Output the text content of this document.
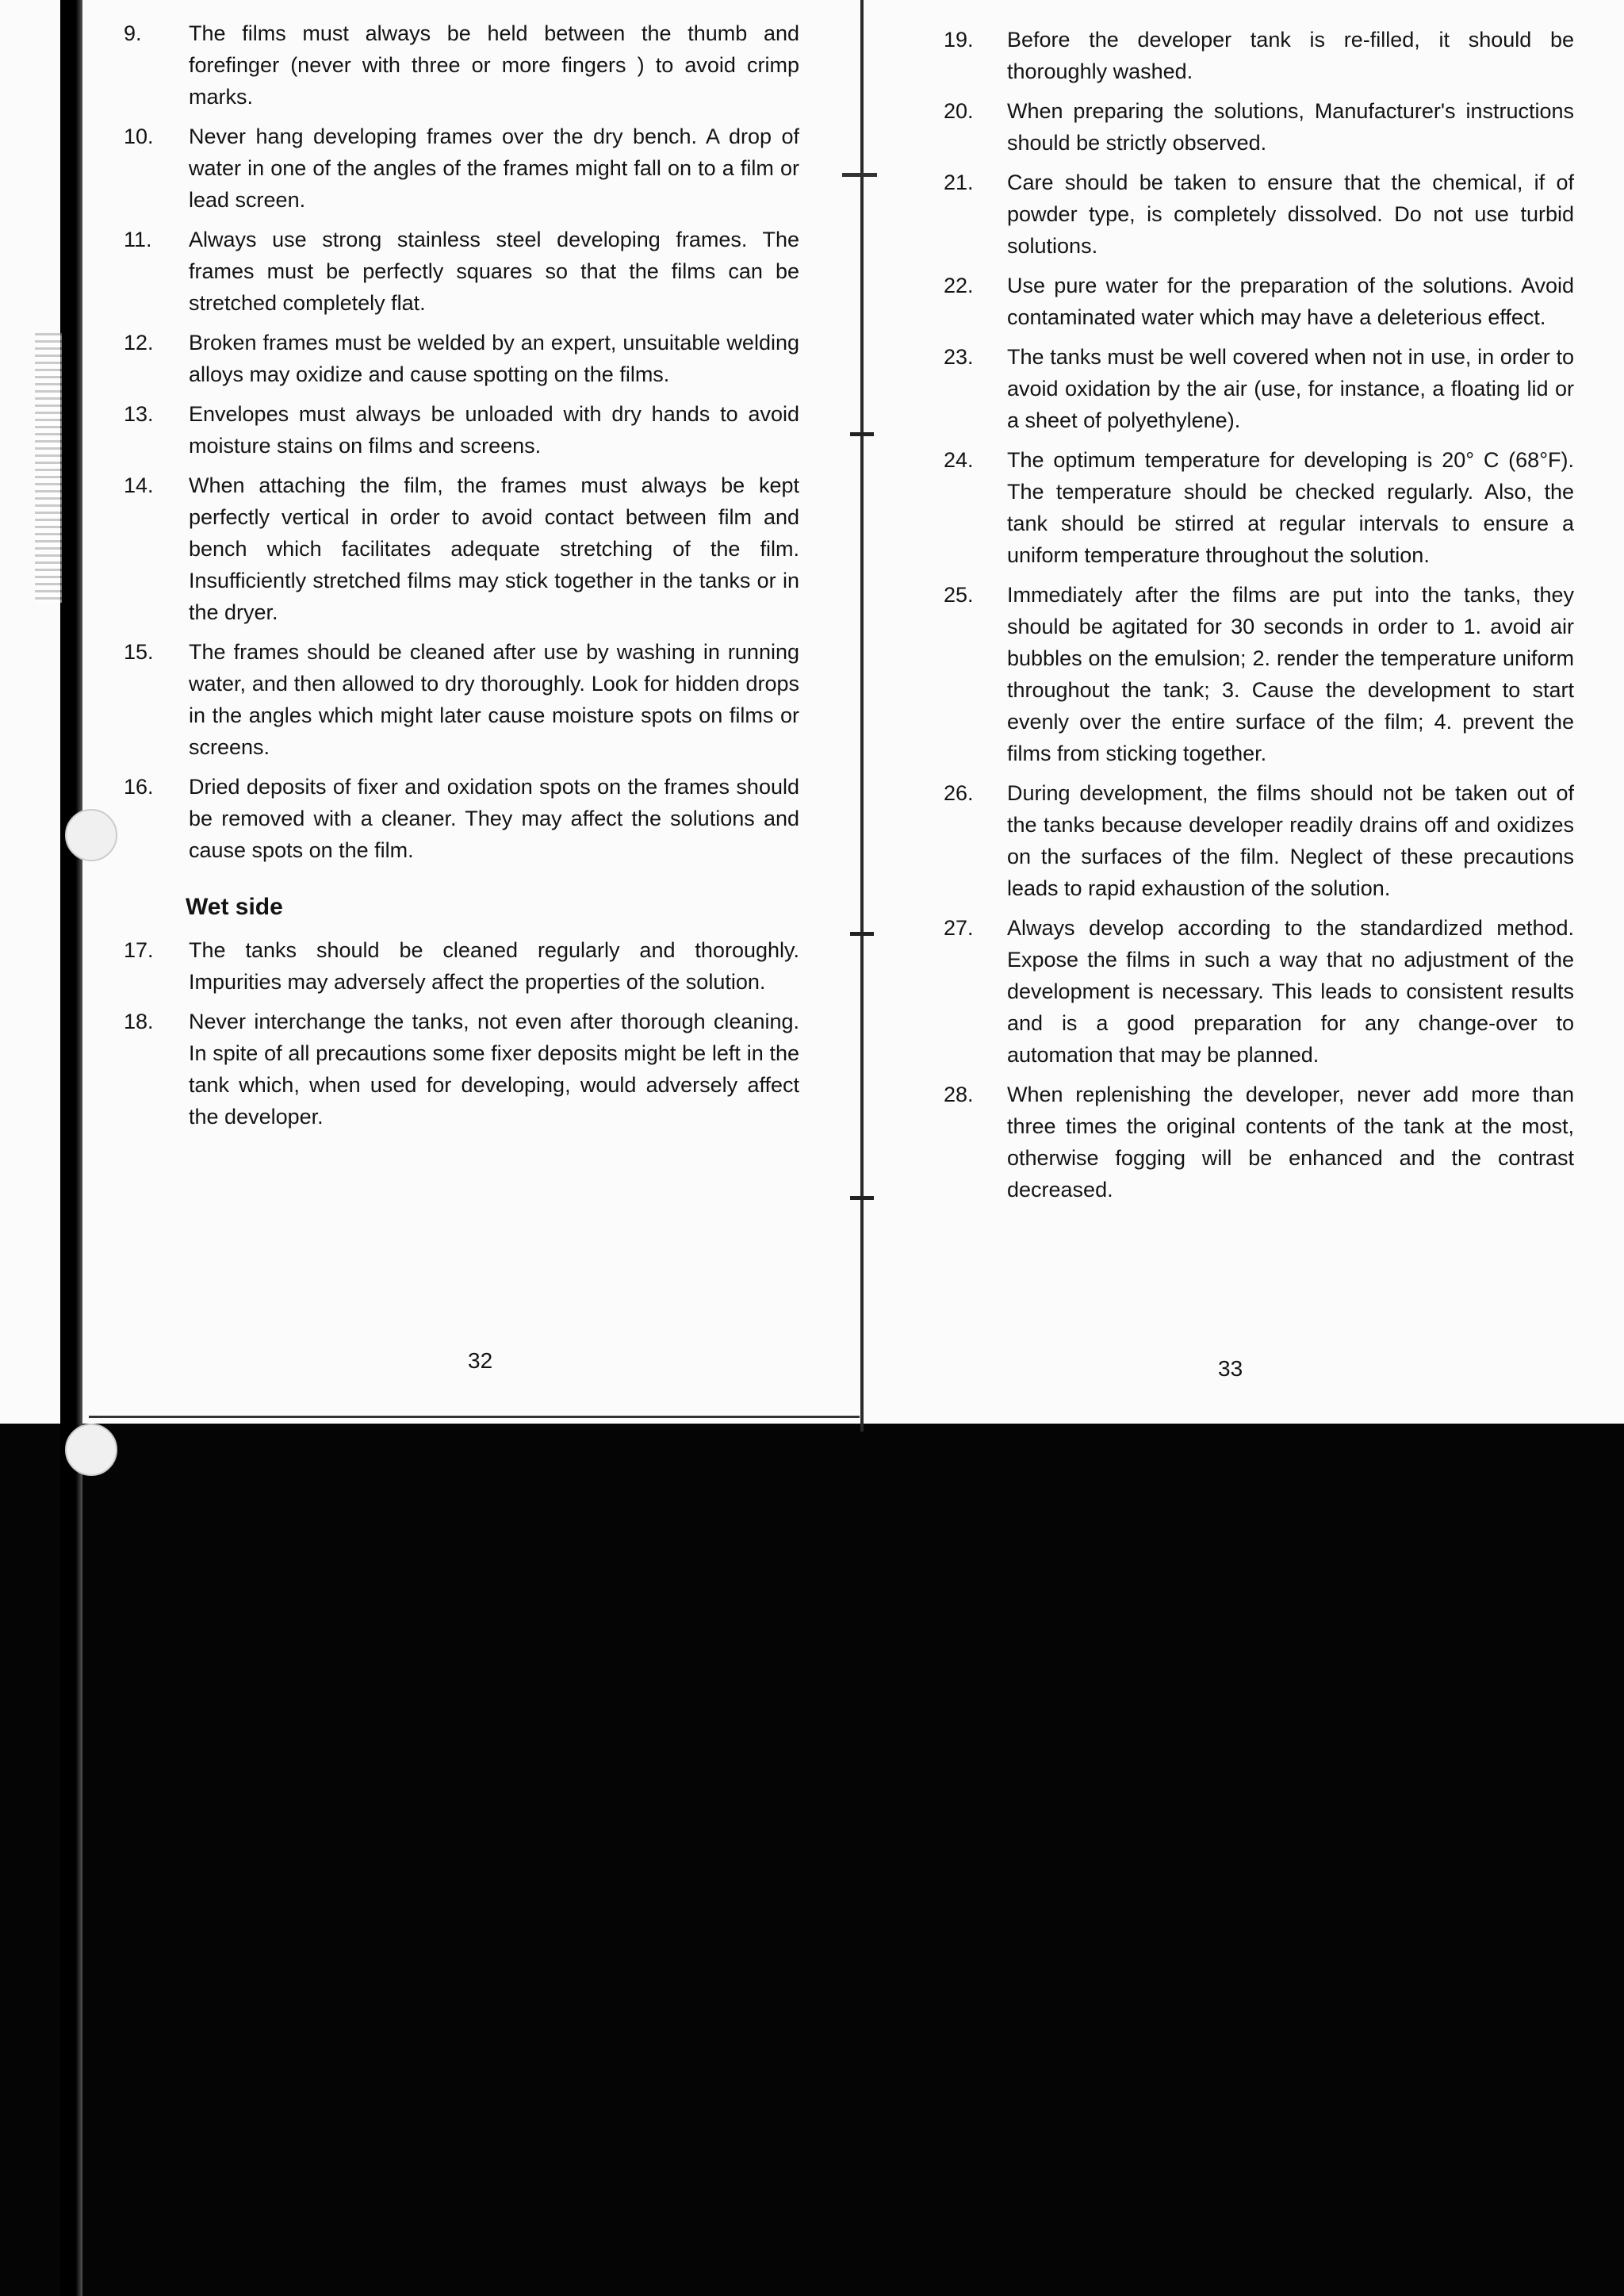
9.	The films must always be held between the thumb and forefinger (never with three or more fingers ) to avoid crimp marks.
10.	Never hang developing frames over the dry bench. A drop of water in one of the angles of the frames might fall on to a film or lead screen.
11.	Always use strong stainless steel developing frames. The frames must be perfectly squares so that the films can be stretched completely flat.
12.	Broken frames must be welded by an expert, unsuitable welding alloys may oxidize and cause spotting on the films.
13.	Envelopes must always be unloaded with dry hands to avoid moisture stains on films and screens.
14.	When attaching the film, the frames must always be kept perfectly vertical in order to avoid contact between film and bench which facilitates adequate stretching of the film. Insufficiently stretched films may stick together in the tanks or in the dryer.
15.	The frames should be cleaned after use by washing in running water, and then allowed to dry thoroughly. Look for hidden drops in the angles which might later cause moisture spots on films or screens.
16.	Dried deposits of fixer and oxidation spots on the frames should be removed with a cleaner. They may affect the solutions and cause spots on the film.
Wet side
17.	The tanks should be cleaned regularly and thoroughly. Impurities may adversely affect the properties of the solution.
18.	Never interchange the tanks, not even after thorough cleaning. In spite of all precautions some fixer deposits might be left in the tank which, when used for developing, would adversely affect the developer.
32
19.	Before the developer tank is re-filled, it should be thoroughly washed.
20.	When preparing the solutions, Manufacturer's instructions should be strictly observed.
21.	Care should be taken to ensure that the chemical, if of powder type, is completely dissolved. Do not use turbid solutions.
22.	Use pure water for the preparation of the solutions. Avoid contaminated water which may have a deleterious effect.
23.	The tanks must be well covered when not in use, in order to avoid oxidation by the air (use, for instance, a floating lid or a sheet of polyethylene).
24.	The optimum temperature for developing is 20° C (68°F). The temperature should be checked regularly. Also, the tank should be stirred at regular intervals to ensure a uniform temperature throughout the solution.
25.	Immediately after the films are put into the tanks, they should be agitated for 30 seconds in order to 1. avoid air bubbles on the emulsion; 2. render the temperature uniform throughout the tank; 3. Cause the development to start evenly over the entire surface of the film; 4. prevent the films from sticking together.
26.	During development, the films should not be taken out of the tanks because developer readily drains off and oxidizes on the surfaces of the film. Neglect of these precautions leads to rapid exhaustion of the solution.
27.	Always develop according to the standardized method. Expose the films in such a way that no adjustment of the development is necessary. This leads to consistent results and is a good preparation for any change-over to automation that may be planned.
28.	When replenishing the developer, never add more than three times the original contents of the tank at the most, otherwise fogging will be enhanced and the contrast decreased.
33
